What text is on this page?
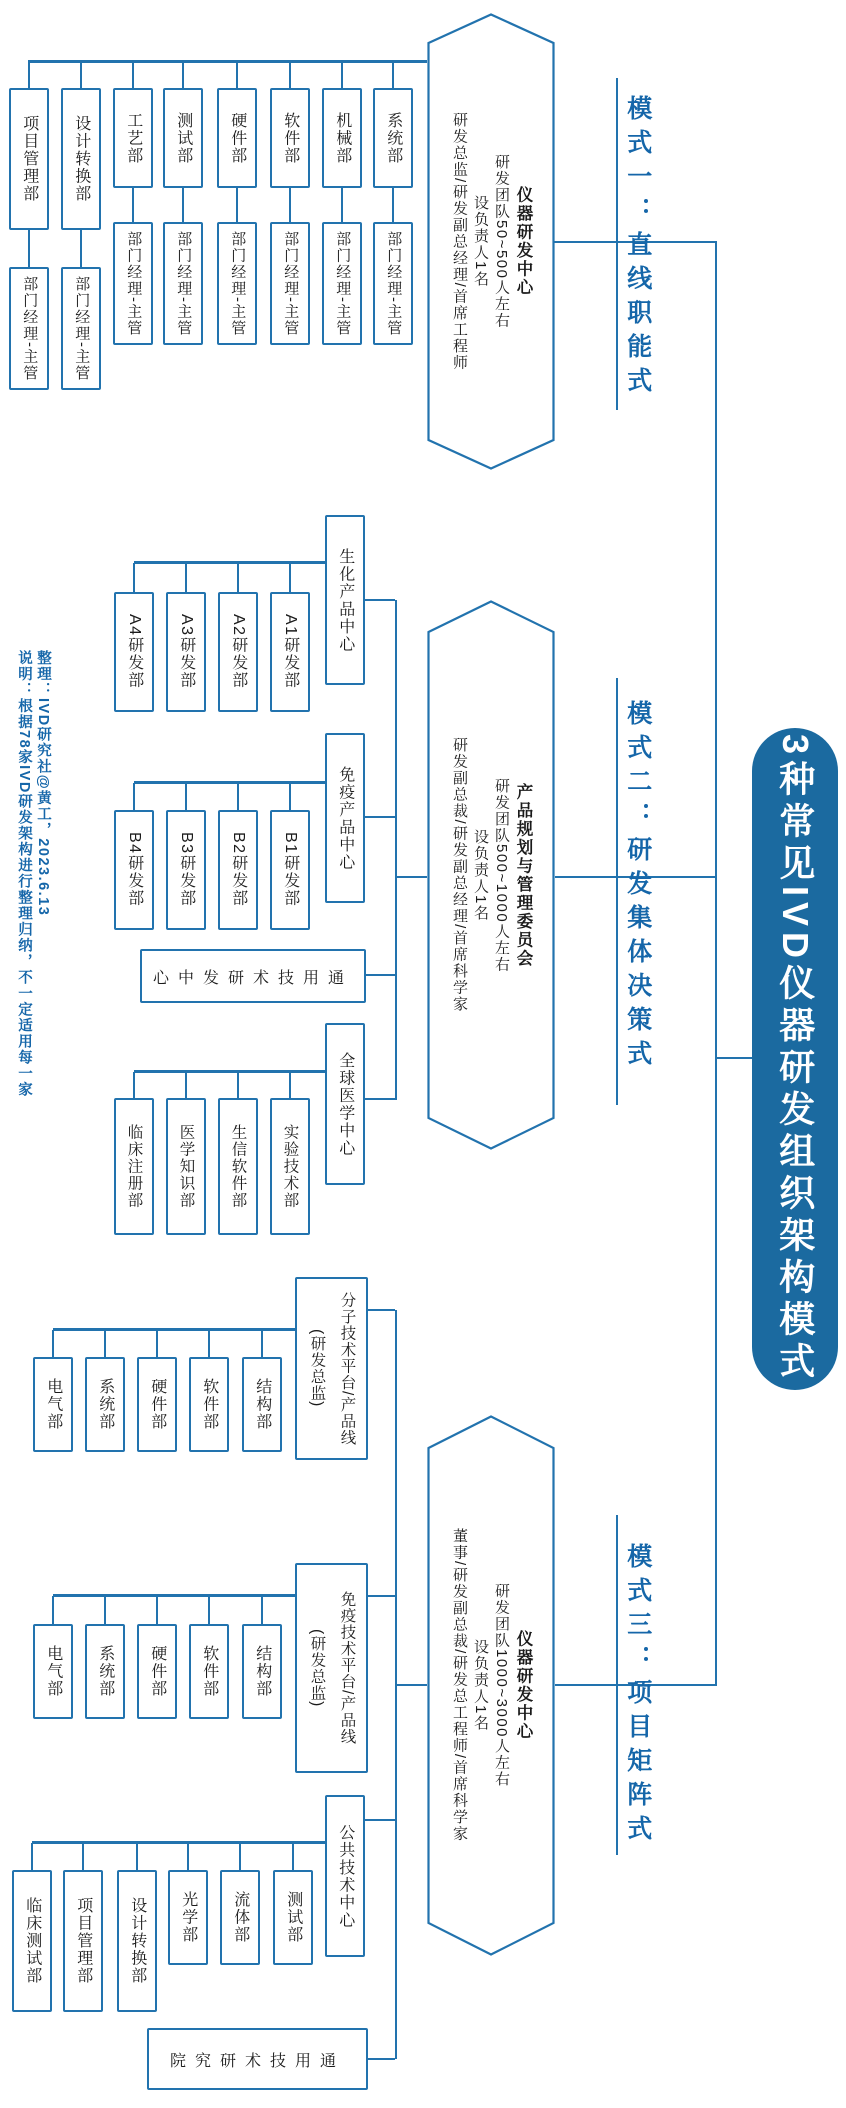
系统部
部门经理-主管
机械部
部门经理-主管
软件部
部门经理-主管
硬件部
部门经理-主管
测试部
部门经理-主管
工艺部
部门经理-主管
设计转换部
部门经理-主管
项目管理部
部门经理-主管
仪器研发中心
研发团队50~500人左右
设负责人1名
研发总监/研发副总经理/首席工程师	模式一：直线职能式
生化产品中心
免疫产品中心
通用技术研发中心
全球医学中心
A1研发部
A2研发部
A3研发部
A4研发部
B1研发部
B2研发部
B3研发部
B4研发部
实验技术部
生信软件部
医学知识部
临床注册部
产品规划与管理委员会
研发团队500~1000人左右
设负责人1名
研发副总裁/研发副总经理/首席科学家	模式二：研发集体决策式
分子技术平台/产品线
(研发总监)
免疫技术平台/产品线
(研发总监)
公共技术中心
通用技术研究院
结构部
软件部
硬件部
系统部
电气部
结构部
软件部
硬件部
系统部
电气部
测试部
流体部
光学部
设计转换部
项目管理部
临床测试部
仪器研发中心
研发团队1000~3000人左右
设负责人1名
董事/研发副总裁/研发总工程师/首席科学家	模式三：项目矩阵式
3种常见IVD仪器研发组织架构模式
整理：IVD研究社@黄工，2023.6.13
说明：根据78家IVD研发架构进行整理归纳，不一定适用每一家
